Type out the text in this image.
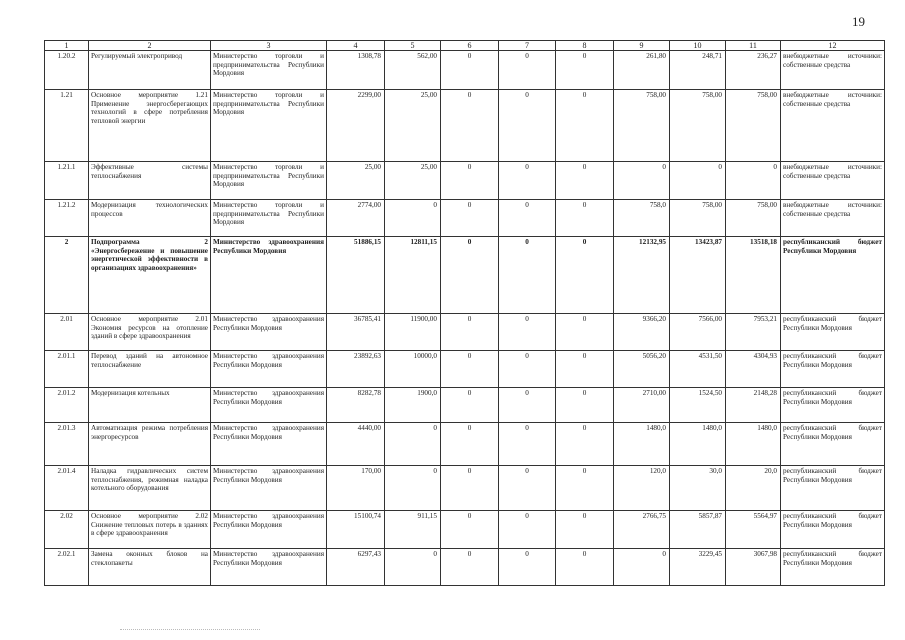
19
1	2	3	4	5	6	7	8	9	10	11	12
1.20.2	Регулируемый электропривод	Министерство торговли и предпринимательства Республики Мордовия	1308,78	562,00	0	0	0	261,80	248,71	236,27	внебюджетные источники: собственные средства
1.21	Основное мероприятие 1.21 Применение энергосберегающих технологий в сфере потребления тепловой энергии	Министерство торговли и предпринимательства Республики Мордовия	2299,00	25,00	0	0	0	758,00	758,00	758,00	внебюджетные источники: собственные средства
1.21.1	Эффективные системы теплоснабжения	Министерство торговли и предпринимательства Республики Мордовия	25,00	25,00	0	0	0	0	0	0	внебюджетные источники: собственные средства
1.21.2	Модернизация технологических процессов	Министерство торговли и предпринимательства Республики Мордовия	2774,00	0	0	0	0	758,0	758,00	758,00	внебюджетные источники: собственные средства
2	Подпрограмма 2 «Энергосбережение и повышение энергетической эффективности в организациях здравоохранения»	Министерство здравоохранения Республики Мордовия	51886,15	12811,15	0	0	0	12132,95	13423,87	13518,18	республиканский бюджет Республики Мордовия
2.01	Основное мероприятие 2.01 Экономия ресурсов на отопление зданий в сфере здравоохранения	Министерство здравоохранения Республики Мордовия	36785,41	11900,00	0	0	0	9366,20	7566,00	7953,21	республиканский бюджет Республики Мордовия
2.01.1	Перевод зданий на автономное теплоснабжение	Министерство здравоохранения Республики Мордовия	23892,63	10000,0	0	0	0	5056,20	4531,50	4304,93	республиканский бюджет Республики Мордовия
2.01.2	Модернизация котельных	Министерство здравоохранения Республики Мордовия	8282,78	1900,0	0	0	0	2710,00	1524,50	2148,28	республиканский бюджет Республики Мордовия
2.01.3	Автоматизация режима потребления энергоресурсов	Министерство здравоохранения Республики Мордовия	4440,00	0	0	0	0	1480,0	1480,0	1480,0	республиканский бюджет Республики Мордовия
2.01.4	Наладка гидравлических систем теплоснабжения, режимная наладка котельного оборудования	Министерство здравоохранения Республики Мордовия	170,00	0	0	0	0	120,0	30,0	20,0	республиканский бюджет Республики Мордовия
2.02	Основное мероприятие 2.02 Снижение тепловых потерь в зданиях в сфере здравоохранения	Министерство здравоохранения Республики Мордовия	15100,74	911,15	0	0	0	2766,75	5857,87	5564,97	республиканский бюджет Республики Мордовия
2.02.1	Замена оконных блоков на стеклопакеты	Министерство здравоохранения Республики Мордовия	6297,43	0	0	0	0	0	3229,45	3067,98	республиканский бюджет Республики Мордовия
